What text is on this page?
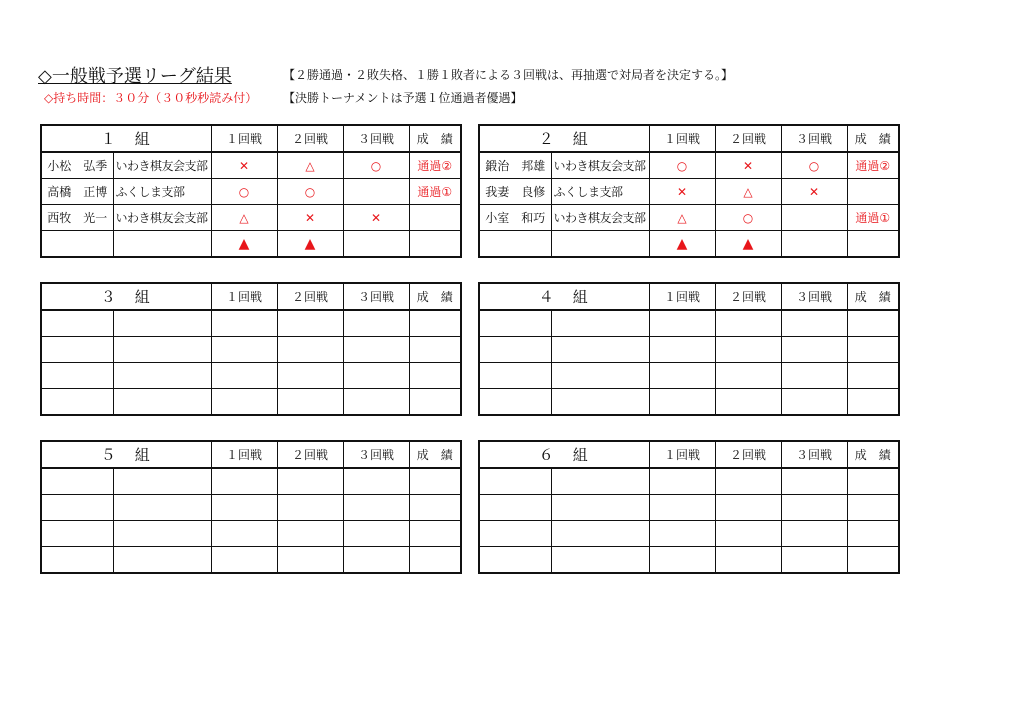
◇一般戦予選リーグ結果
◇持ち時間：３０分（３０秒秒読み付）
【２勝通過・２敗失格、１勝１敗者による３回戦は、再抽選で対局者を決定する。】
【決勝トーナメントは予選１位通過者優遇】
１　組		１回戦	２回戦	３回戦	成　績
小松　弘季	いわき棋友会支部	✕	△	○	通過②
高橋　正博	ふくしま支部	○	○		通過①
西牧　光一	いわき棋友会支部	△	✕	✕	
		▲	▲		
２　組		１回戦	２回戦	３回戦	成　績
鍛治　邦雄	いわき棋友会支部	○	✕	○	通過②
我妻　良修	ふくしま支部	✕	△	✕	
小室　和巧	いわき棋友会支部	△	○		通過①
		▲	▲		
３　組		１回戦	２回戦	３回戦	成　績

						４　組		１回戦	２回戦	３回戦	成　績

５　組		１回戦	２回戦	３回戦	成　績

						６　組		１回戦	２回戦	３回戦	成　績
